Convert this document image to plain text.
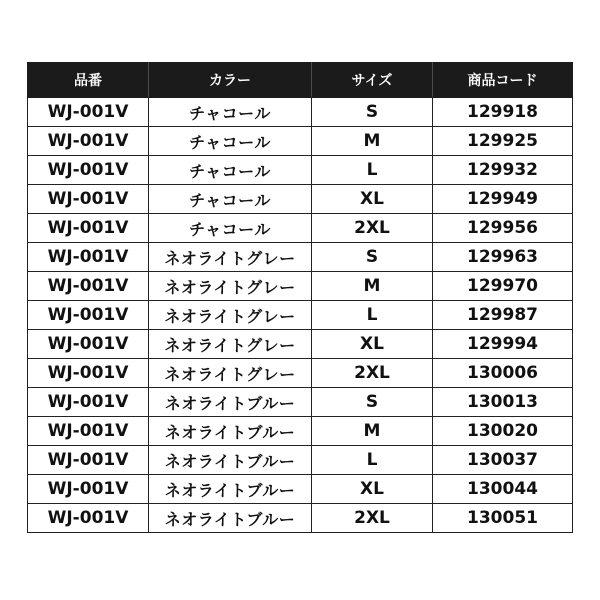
品番	カラー	サイズ	商品コード
WJ-001V	チャコール	S	129918
WJ-001V	チャコール	M	129925
WJ-001V	チャコール	L	129932
WJ-001V	チャコール	XL	129949
WJ-001V	チャコール	2XL	129956
WJ-001V	ネオライトグレー	S	129963
WJ-001V	ネオライトグレー	M	129970
WJ-001V	ネオライトグレー	L	129987
WJ-001V	ネオライトグレー	XL	129994
WJ-001V	ネオライトグレー	2XL	130006
WJ-001V	ネオライトブルー	S	130013
WJ-001V	ネオライトブルー	M	130020
WJ-001V	ネオライトブルー	L	130037
WJ-001V	ネオライトブルー	XL	130044
WJ-001V	ネオライトブルー	2XL	130051
